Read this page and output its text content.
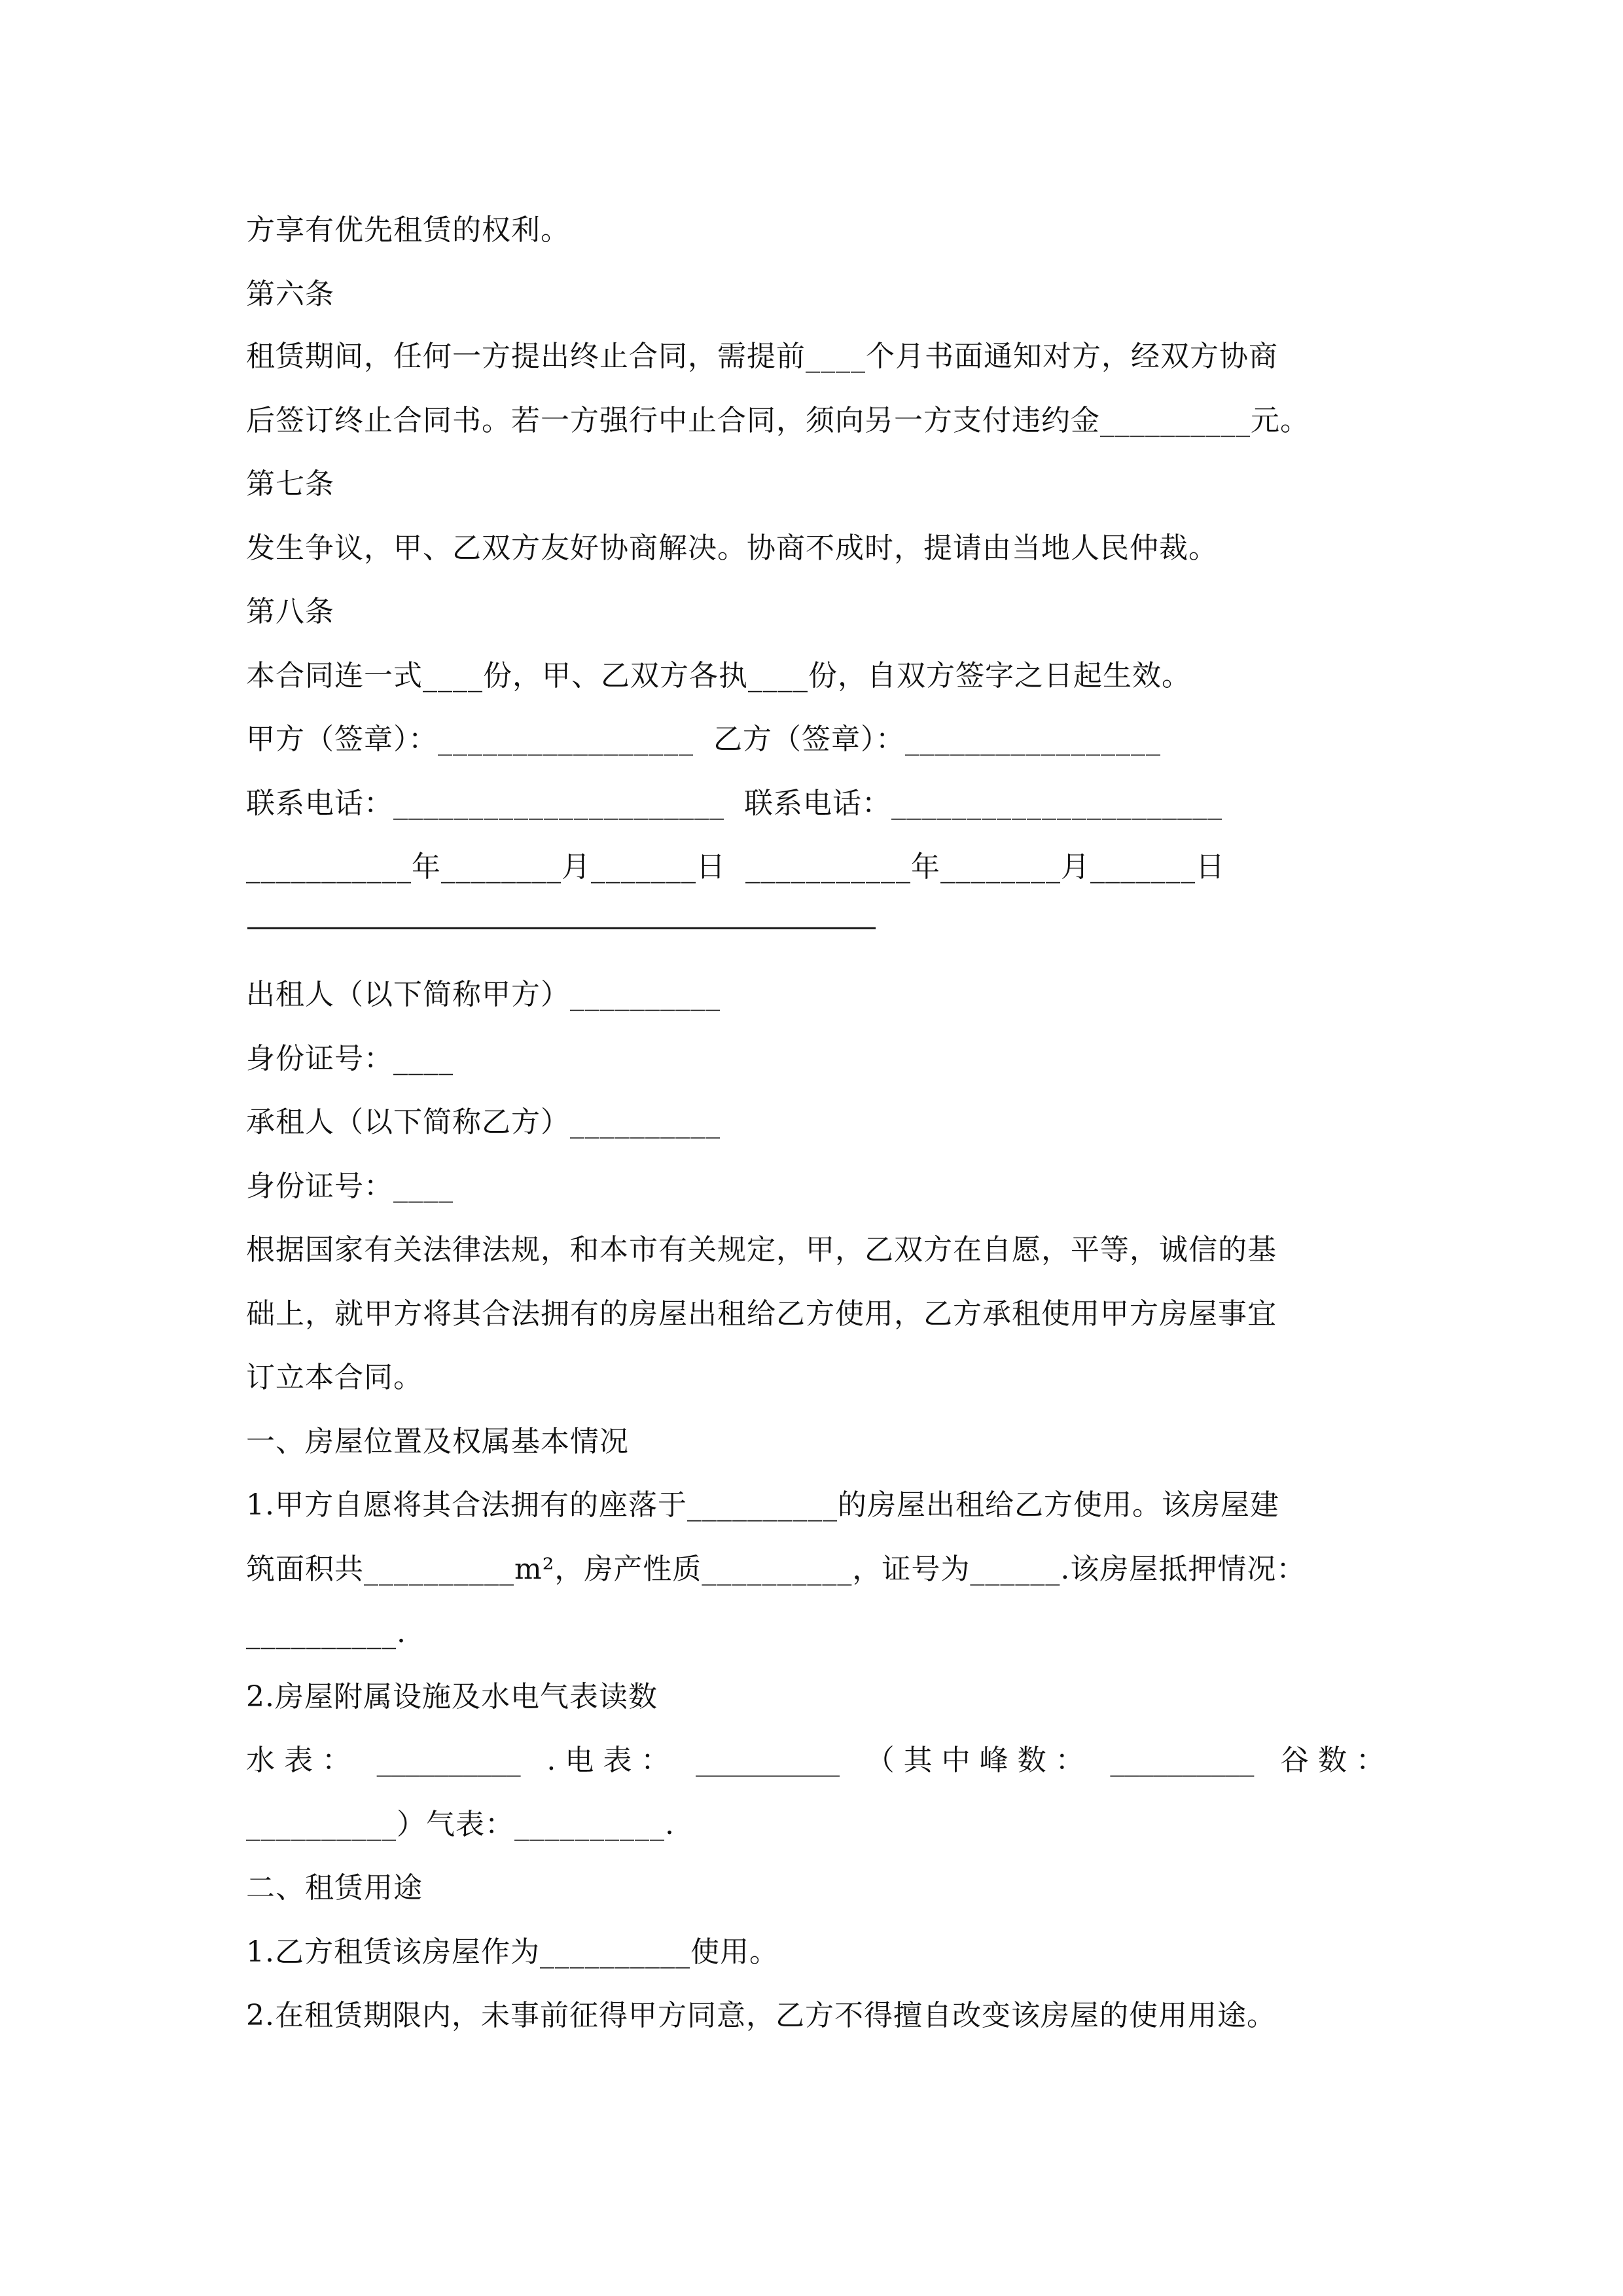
方享有优先租赁的权利。
第六条
租赁期间，任何一方提出终止合同，需提前____个月书面通知对方，经双方协商
后签订终止合同书。若一方强行中止合同，须向另一方支付违约金__________元。
第七条
发生争议，甲、乙双方友好协商解决。协商不成时，提请由当地人民仲裁。
第八条
本合同连一式____份，甲、乙双方各执____份，自双方签字之日起生效。
甲方（签章）：_________________  乙方（签章）：_________________
联系电话：______________________  联系电话：______________________
___________年________月_______日  ___________年________月_______日
————————————————————————
出租人（以下简称甲方）__________
身份证号：____
承租人（以下简称乙方）__________
身份证号：____
根据国家有关法律法规，和本市有关规定，甲，乙双方在自愿，平等，诚信的基
础上，就甲方将其合法拥有的房屋出租给乙方使用，乙方承租使用甲方房屋事宜
订立本合同。
一、房屋位置及权属基本情况
1.甲方自愿将其合法拥有的座落于__________的房屋出租给乙方使用。该房屋建
筑面积共__________m²，房产性质__________，证号为______.该房屋抵押情况：
__________.
2.房屋附属设施及水电气表读数
水 表 ： __________ . 电 表 ： __________ （ 其 中 峰 数 ： __________ 谷 数 ：
__________）气表：__________.
二、租赁用途
1.乙方租赁该房屋作为__________使用。
2.在租赁期限内，未事前征得甲方同意，乙方不得擅自改变该房屋的使用用途。
